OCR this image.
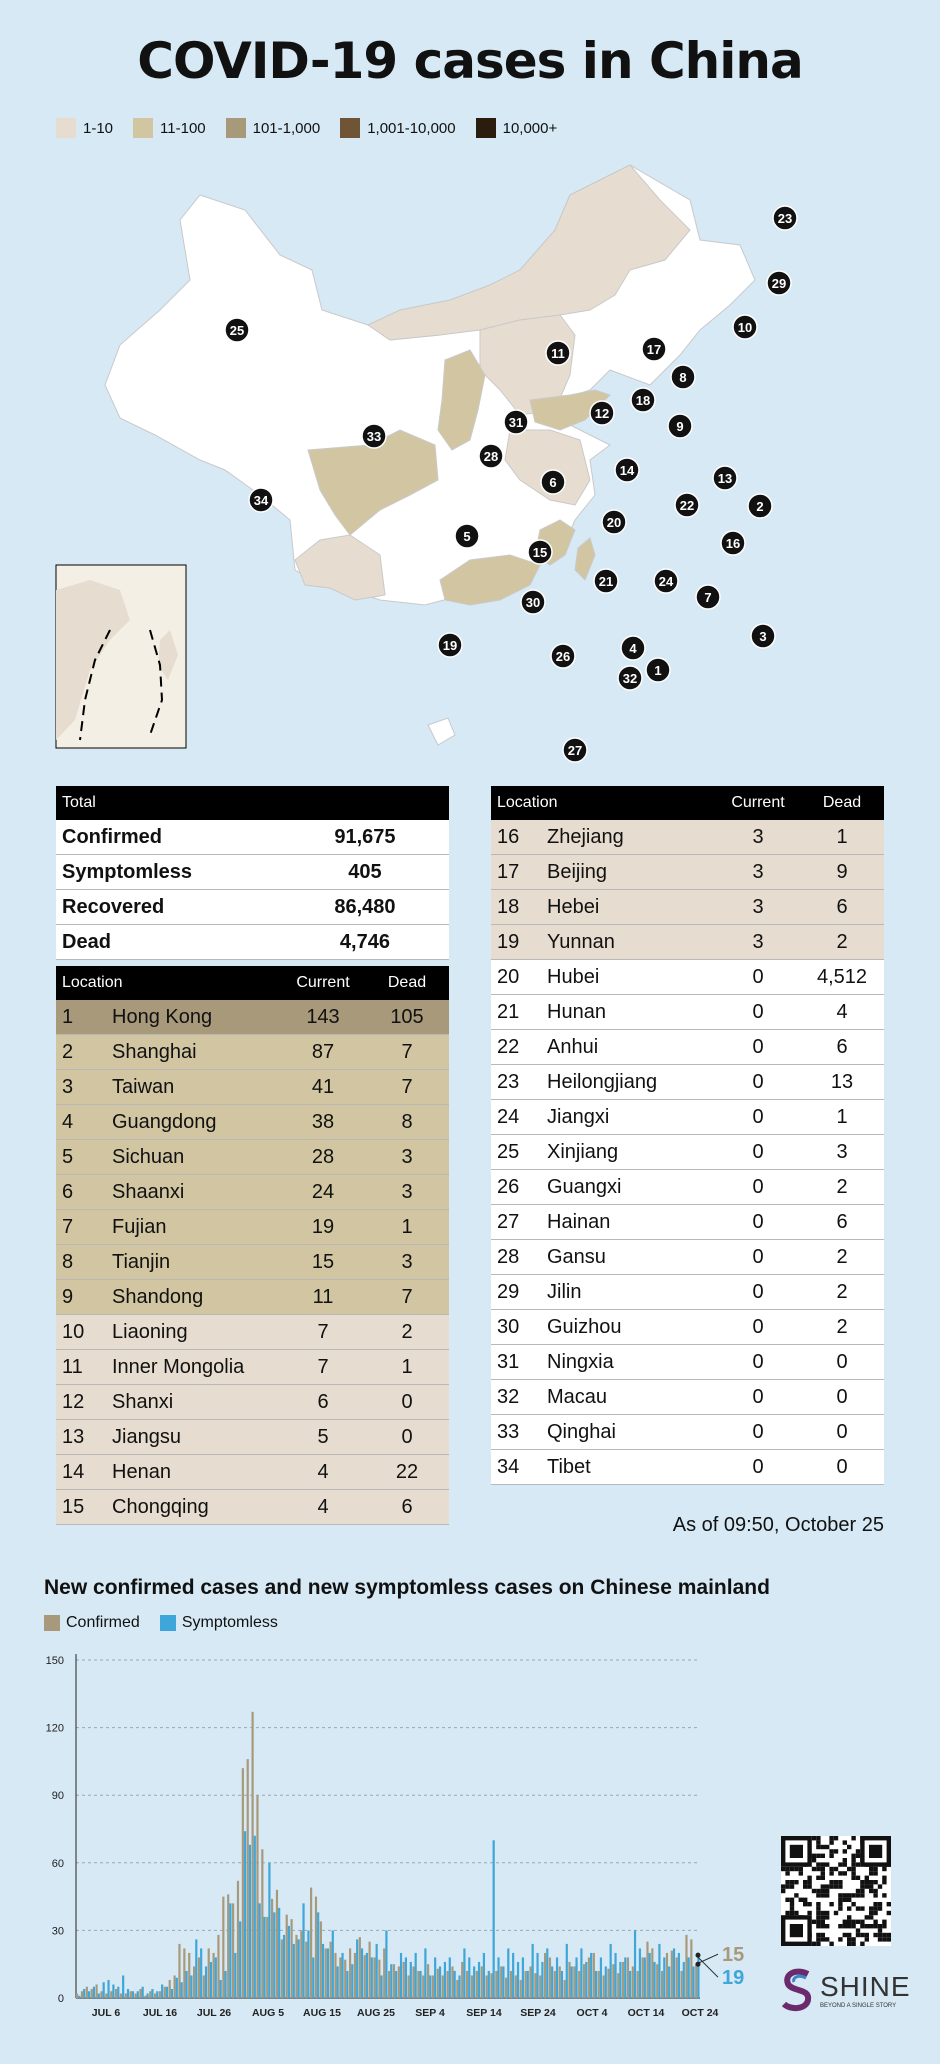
COVID-19 cases in China
1-10	11-100	101-1,000	1,001-10,000	10,000+
1
2
3
4
5
6
7
8
9
10
11
12
13
14
15
16
17
18
19
20
21
22
23
24
25
26
27
28
29
30
31
32
33
34
Total		
Confirmed	91,675	
Symptomless	405	
Recovered	86,480	
Dead	4,746	
Location		Current	Dead
1	Hong Kong	143	105
2	Shanghai	87	7
3	Taiwan	41	7
4	Guangdong	38	8
5	Sichuan	28	3
6	Shaanxi	24	3
7	Fujian	19	1
8	Tianjin	15	3
9	Shandong	11	7
10	Liaoning	7	2
11	Inner Mongolia	7	1
12	Shanxi	6	0
13	Jiangsu	5	0
14	Henan	4	22
15	Chongqing	4	6
Location		Current	Dead
16	Zhejiang	3	1
17	Beijing	3	9
18	Hebei	3	6
19	Yunnan	3	2
20	Hubei	0	4,512
21	Hunan	0	4
22	Anhui	0	6
23	Heilongjiang	0	13
24	Jiangxi	0	1
25	Xinjiang	0	3
26	Guangxi	0	2
27	Hainan	0	6
28	Gansu	0	2
29	Jilin	0	2
30	Guizhou	0	2
31	Ningxia	0	0
32	Macau	0	0
33	Qinghai	0	0
34	Tibet	0	0
As of 09:50, October 25
New confirmed cases and new symptomless cases on Chinese mainland
Confirmed	Symptomless
0
30
60
90
120
150
JUL 6 JUL 16 JUL 26 AUG 5 AUG 15 AUG 25 SEP 4 SEP 14 SEP 24 OCT 4 OCT 14 OCT 24
15
19	SHINE
BEYOND A SINGLE STORY
